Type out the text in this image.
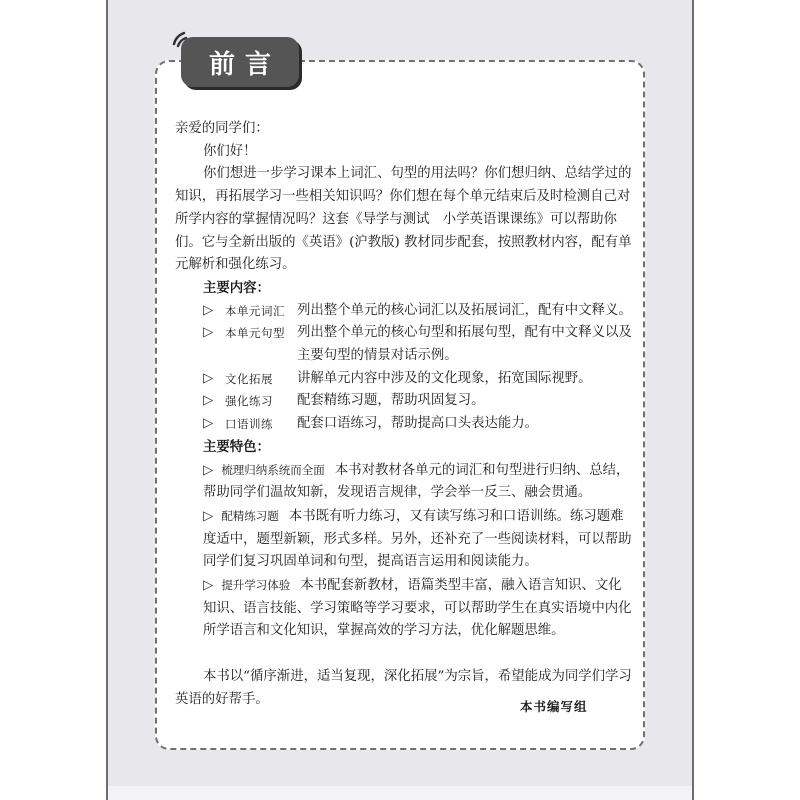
前言

亲爱的同学们：

你们好！

你们想进一步学习课本上词汇、句型的用法吗？你们想归纳、总结学过的知识，再拓展学习一些相关知识吗？你们想在每个单元结束后及时检测自己对所学内容的掌握情况吗？这套《导学与测试　小学英语课课练》可以帮助你们。它与全新出版的《英语》(沪教版) 教材同步配套，按照教材内容，配有单元解析和强化练习。

主要内容：

▷	本单元词汇 列出整个单元的核心词汇以及拓展词汇，配有中文释义。
▷	本单元句型 列出整个单元的核心句型和拓展句型，配有中文释义以及主要句型的情景对话示例。
▷	文化拓展	讲解单元内容中涉及的文化现象，拓宽国际视野。
▷	强化练习	配套精练习题，帮助巩固复习。
▷	口语训练	配套口语练习，帮助提高口头表达能力。

主要特色：

▷ 梳理归纳系统而全面 本书对教材各单元的词汇和句型进行归纳、总结，帮助同学们温故知新，发现语言规律，学会举一反三、融会贯通。

▷ 配精练习题 本书既有听力练习，又有读写练习和口语训练。练习题难度适中，题型新颖，形式多样。另外，还补充了一些阅读材料，可以帮助同学们复习巩固单词和句型，提高语言运用和阅读能力。

▷ 提升学习体验 本书配套新教材，语篇类型丰富，融入语言知识、文化知识、语言技能、学习策略等学习要求，可以帮助学生在真实语境中内化所学语言和文化知识，掌握高效的学习方法，优化解题思维。

本书以“循序渐进，适当复现，深化拓展”为宗旨，希望能成为同学们学习英语的好帮手。	本书编写组
